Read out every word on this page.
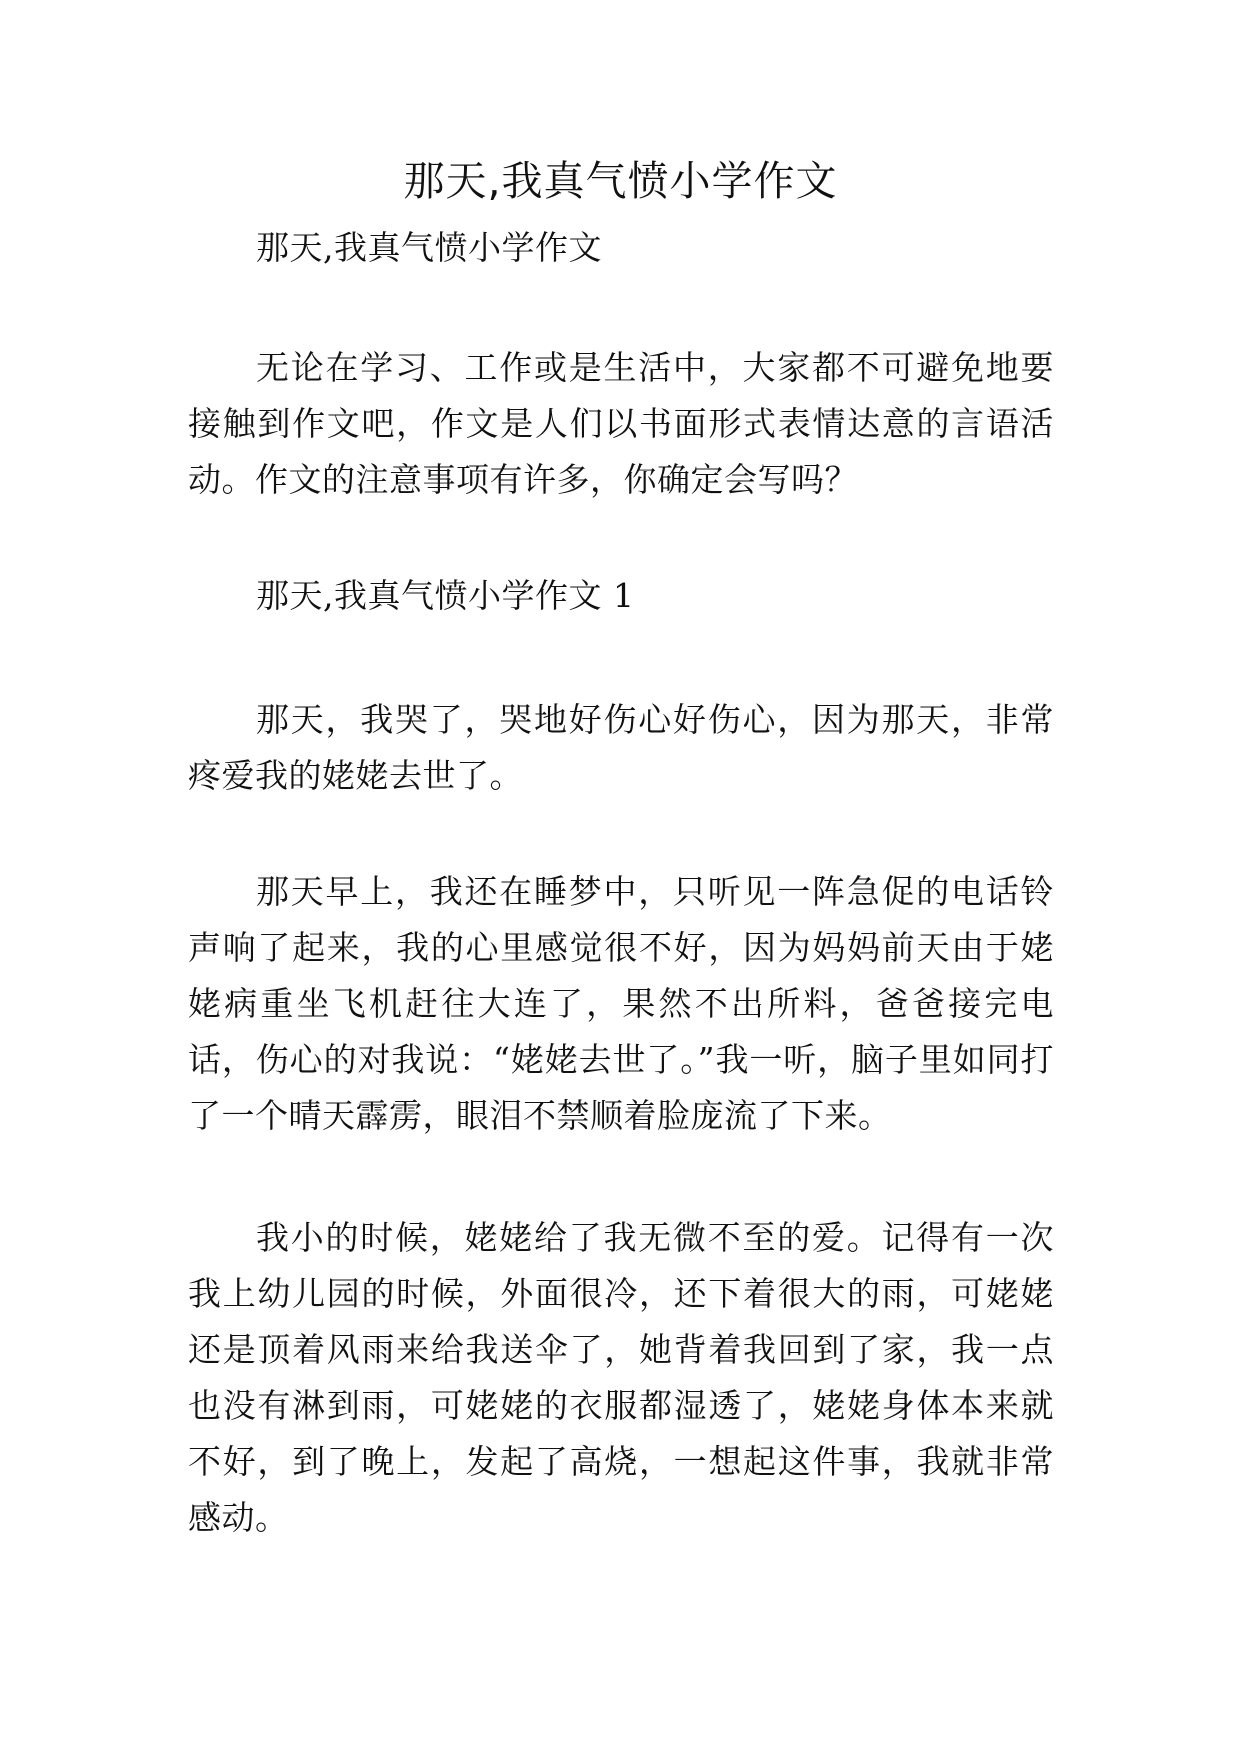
那天,我真气愤小学作文

那天,我真气愤小学作文

无论在学习、工作或是生活中，大家都不可避免地要接触到作文吧，作文是人们以书面形式表情达意的言语活动。作文的注意事项有许多，你确定会写吗？

那天,我真气愤小学作文 1

那天，我哭了，哭地好伤心好伤心，因为那天，非常疼爱我的姥姥去世了。

那天早上，我还在睡梦中，只听见一阵急促的电话铃声响了起来，我的心里感觉很不好，因为妈妈前天由于姥姥病重坐飞机赶往大连了，果然不出所料，爸爸接完电话，伤心的对我说：“姥姥去世了。”我一听，脑子里如同打了一个晴天霹雳，眼泪不禁顺着脸庞流了下来。

我小的时候，姥姥给了我无微不至的爱。记得有一次我上幼儿园的时候，外面很冷，还下着很大的雨，可姥姥还是顶着风雨来给我送伞了，她背着我回到了家，我一点也没有淋到雨，可姥姥的衣服都湿透了，姥姥身体本来就不好，到了晚上，发起了高烧，一想起这件事，我就非常感动。
